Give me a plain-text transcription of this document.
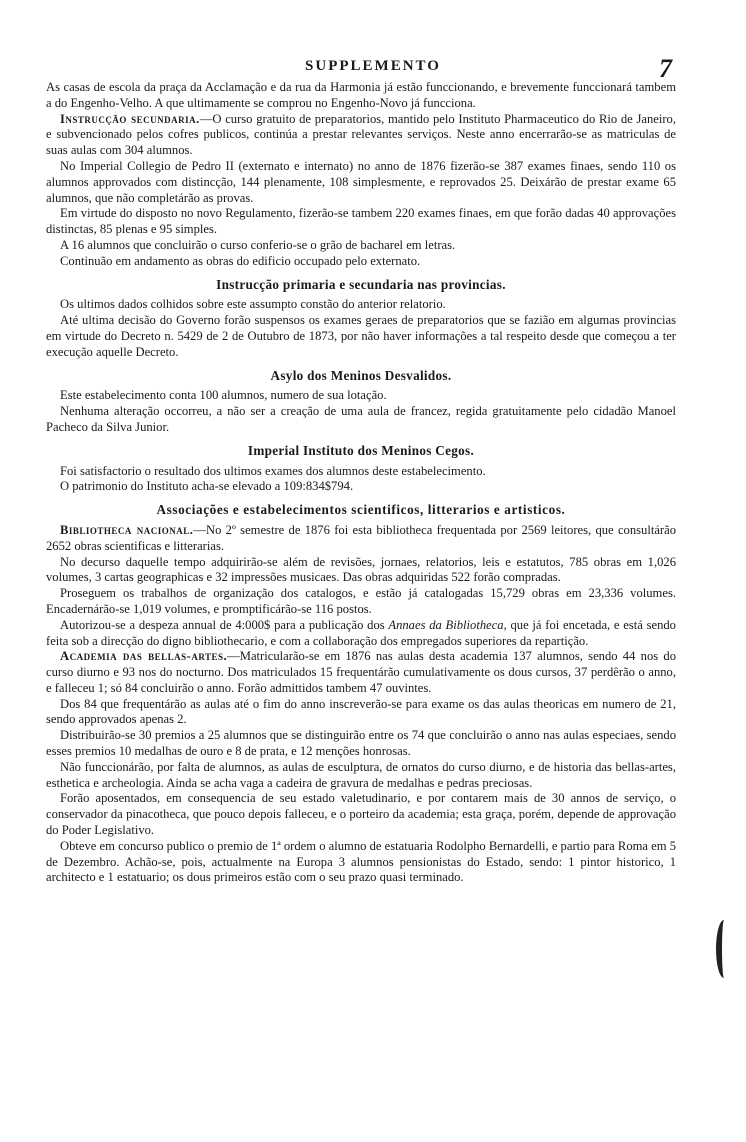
SUPPLEMENTO	7

As casas de escola da praça da Acclamação e da rua da Harmonia já estão funccionando, e brevemente funccionará tambem a do Engenho-Velho. A que ultimamente se comprou no Engenho-Novo já funcciona.

Instrucção secundaria.—O curso gratuito de preparatorios, mantido pelo Instituto Pharmaceutico do Rio de Janeiro, e subvencionado pelos cofres publicos, continúa a prestar relevantes serviços. Neste anno encerrarão-se as matriculas de suas aulas com 304 alumnos.

No Imperial Collegio de Pedro II (externato e internato) no anno de 1876 fizerão-se 387 exames finaes, sendo 110 os alumnos approvados com distincção, 144 plenamente, 108 simplesmente, e reprovados 25. Deixárão de prestar exame 65 alumnos, que não completárão as provas.

Em virtude do disposto no novo Regulamento, fizerão-se tambem 220 exames finaes, em que forão dadas 40 approvações distinctas, 85 plenas e 95 simples.

A 16 alumnos que concluirão o curso conferio-se o grão de bacharel em letras.

Continuão em andamento as obras do edificio occupado pelo externato.

Instrucção primaria e secundaria nas provincias.

Os ultimos dados colhidos sobre este assumpto constão do anterior relatorio.

Até ultima decisão do Governo forão suspensos os exames geraes de preparatorios que se fazião em algumas provincias em virtude do Decreto n. 5429 de 2 de Outubro de 1873, por não haver informações a tal respeito desde que começou a ter execução aquelle Decreto.

Asylo dos Meninos Desvalidos.

Este estabelecimento conta 100 alumnos, numero de sua lotação.

Nenhuma alteração occorreu, a não ser a creação de uma aula de francez, regida gratuitamente pelo cidadão Manoel Pacheco da Silva Junior.

Imperial Instituto dos Meninos Cegos.

Foi satisfactorio o resultado dos ultimos exames dos alumnos deste estabelecimento.

O patrimonio do Instituto acha-se elevado a 109:834$794.

Associações e estabelecimentos scientificos, litterarios e artisticos.

Bibliotheca nacional.—No 2º semestre de 1876 foi esta bibliotheca frequentada por 2569 leitores, que consultárão 2652 obras scientificas e litterarias.

No decurso daquelle tempo adquirirão-se além de revisões, jornaes, relatorios, leis e estatutos, 785 obras em 1,026 volumes, 3 cartas geographicas e 32 impressões musicaes. Das obras adquiridas 522 forão compradas.

Proseguem os trabalhos de organização dos catalogos, e estão já catalogadas 15,729 obras em 23,336 volumes. Encadernárão-se 1,019 volumes, e promptificárão-se 116 postos.

Autorizou-se a despeza annual de 4:000$ para a publicação dos Annaes da Bibliotheca, que já foi encetada, e está sendo feita sob a direcção do digno bibliothecario, e com a collaboração dos empregados superiores da repartição.

Academia das bellas-artes.—Matricularão-se em 1876 nas aulas desta academia 137 alumnos, sendo 44 nos do curso diurno e 93 nos do nocturno. Dos matriculados 15 frequentárão cumulativamente os dous cursos, 37 perdêrão o anno, e falleceu 1; só 84 concluirão o anno. Forão admittidos tambem 47 ouvintes.

Dos 84 que frequentárão as aulas até o fim do anno inscreverão-se para exame os das aulas theoricas em numero de 21, sendo approvados apenas 2.

Distribuirão-se 30 premios a 25 alumnos que se distinguirão entre os 74 que concluirão o anno nas aulas especiaes, sendo esses premios 10 medalhas de ouro e 8 de prata, e 12 menções honrosas.

Não funccionárão, por falta de alumnos, as aulas de esculptura, de ornatos do curso diurno, e de historia das bellas-artes, esthetica e archeologia. Ainda se acha vaga a cadeira de gravura de medalhas e pedras preciosas.

Forão aposentados, em consequencia de seu estado valetudinario, e por contarem mais de 30 annos de serviço, o conservador da pinacotheca, que pouco depois falleceu, e o porteiro da academia; esta graça, porém, depende de approvação do Poder Legislativo.

Obteve em concurso publico o premio de 1ª ordem o alumno de estatuaria Rodolpho Bernardelli, e partio para Roma em 5 de Dezembro. Achão-se, pois, actualmente na Europa 3 alumnos pensionistas do Estado, sendo: 1 pintor historico, 1 architecto e 1 estatuario; os dous primeiros estão com o seu prazo quasi terminado.
